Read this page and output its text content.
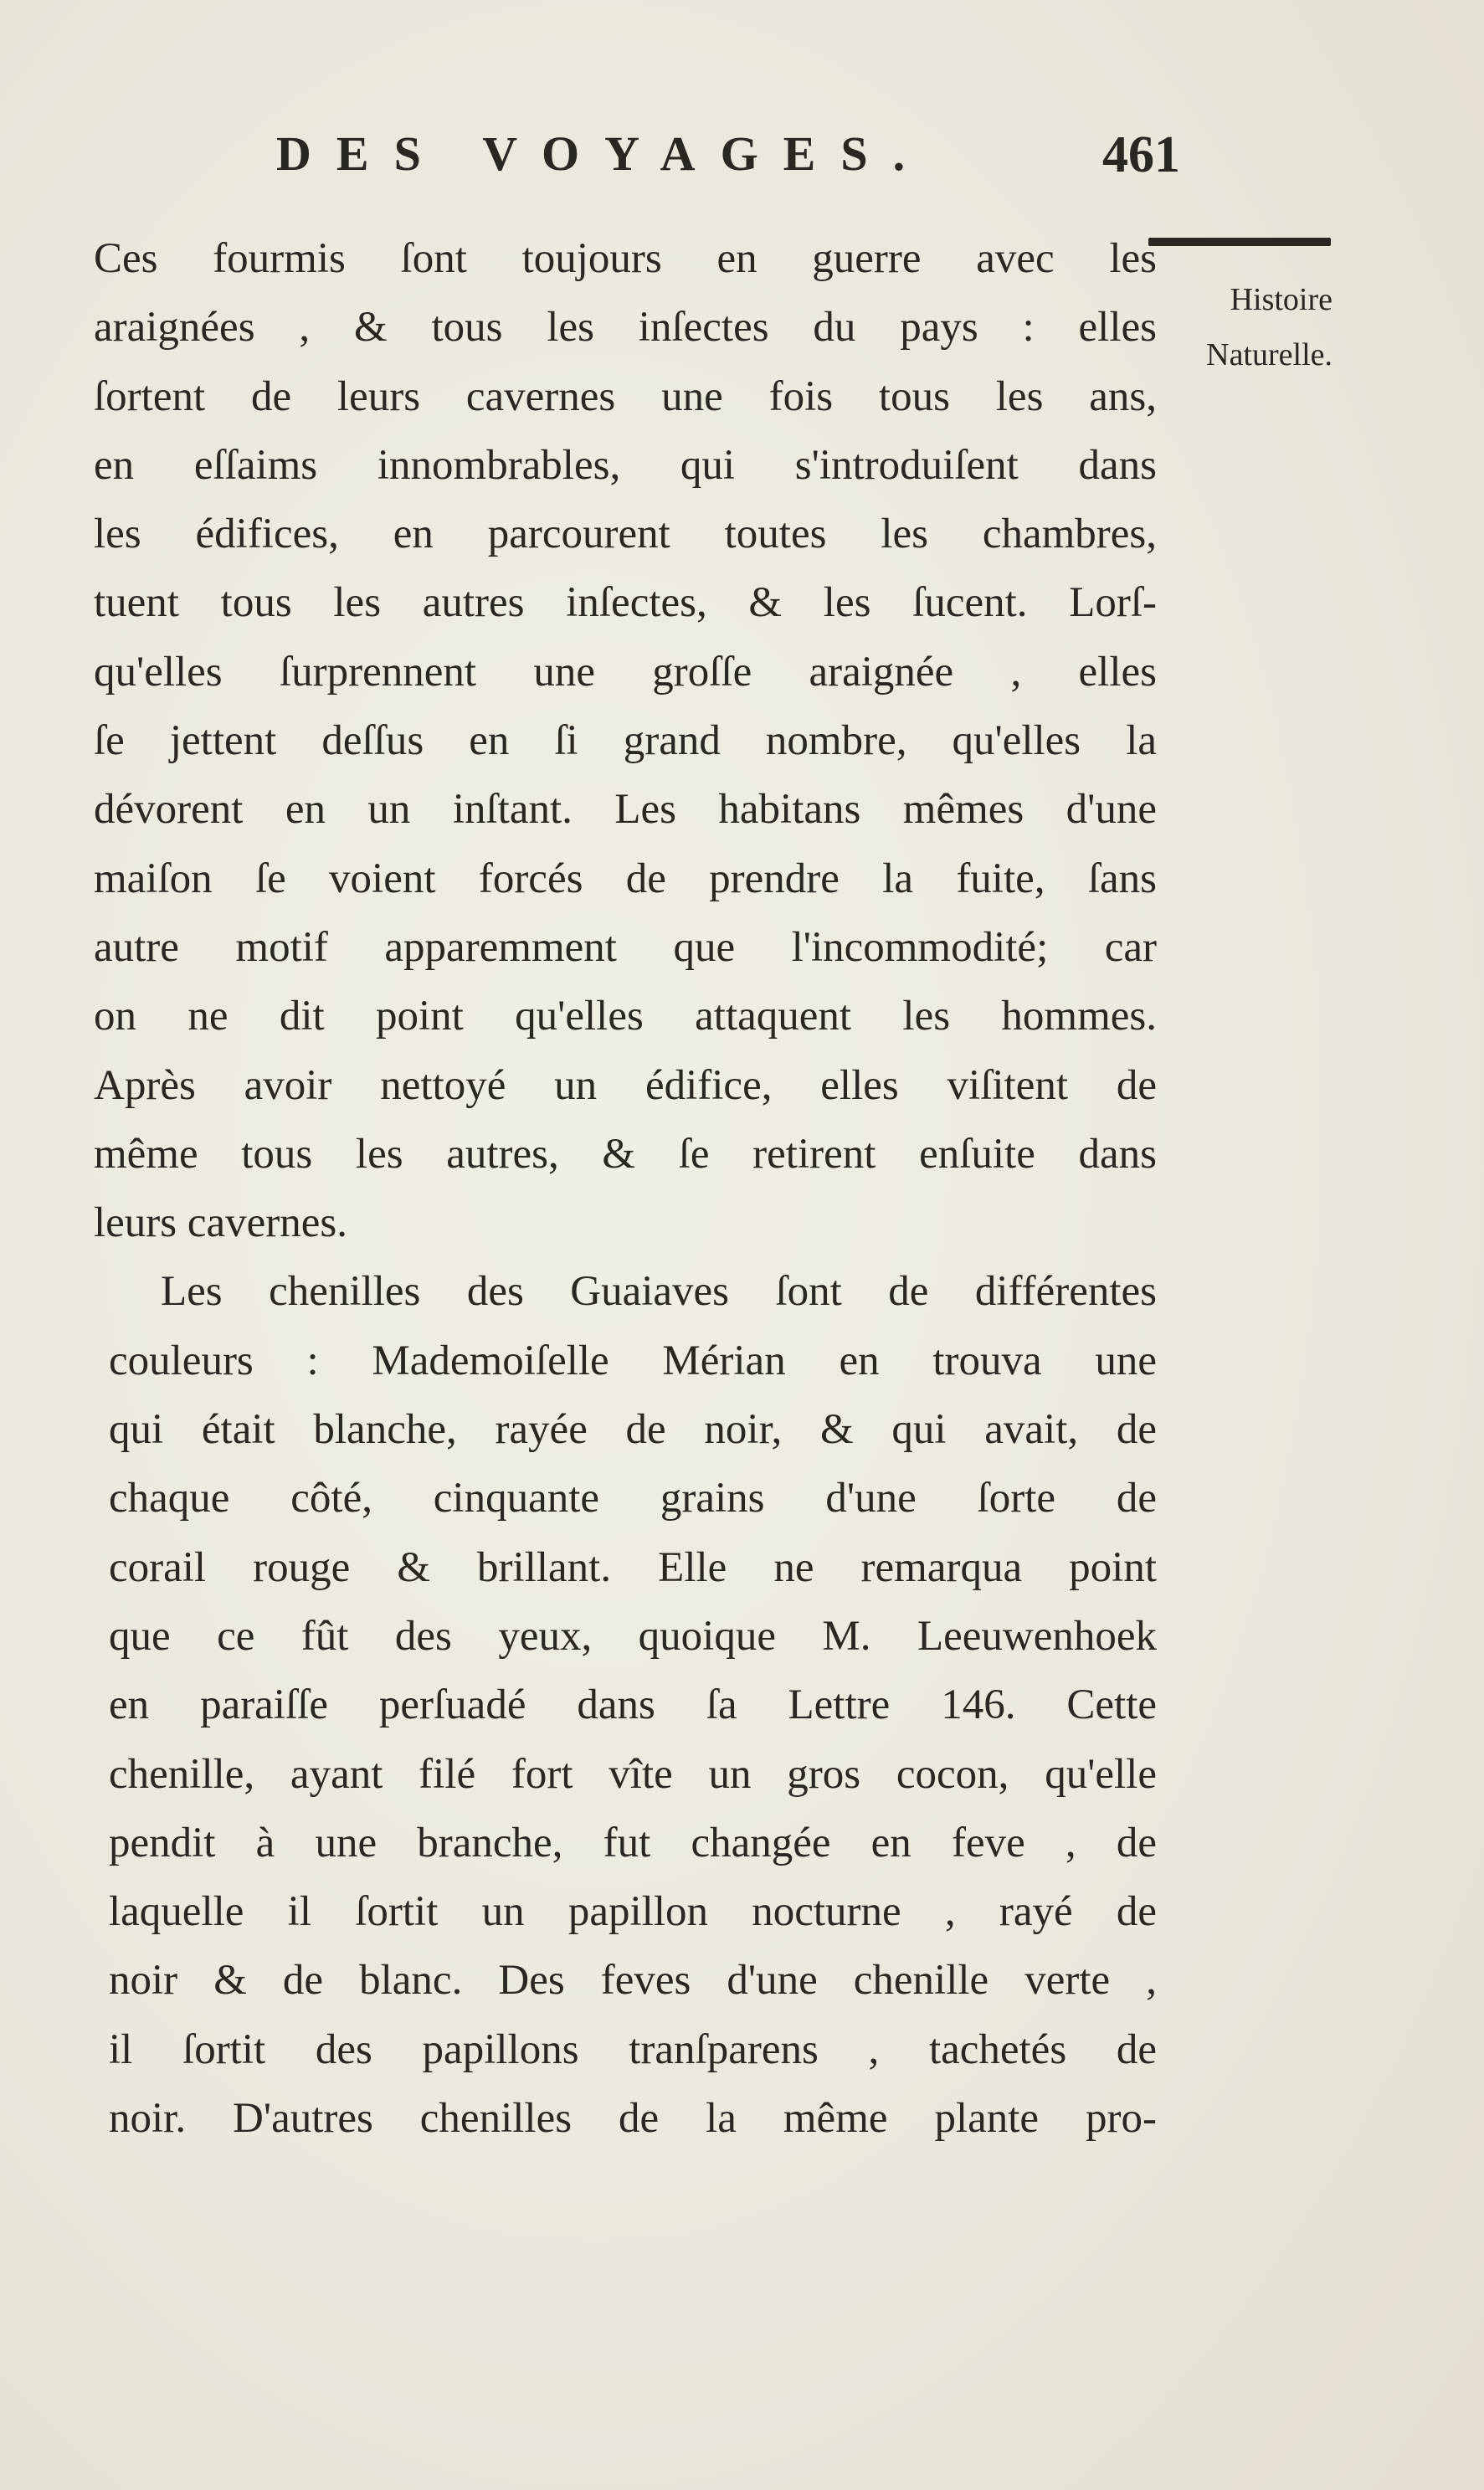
DES VOYAGES.	461
Histoire
Naturelle.
Ces fourmis ſont toujours en guerre avec les
araignées , & tous les inſectes du pays : elles
ſortent de leurs cavernes une fois tous les ans,
en eſſaims innombrables, qui s'introduiſent dans
les édifices, en parcourent toutes les chambres,
tuent tous les autres inſectes, & les ſucent. Lorſ-
qu'elles ſurprennent une groſſe araignée , elles
ſe jettent deſſus en ſi grand nombre, qu'elles la
dévorent en un inſtant. Les habitans mêmes d'une
maiſon ſe voient forcés de prendre la fuite, ſans
autre motif apparemment que l'incommodité; car
on ne dit point qu'elles attaquent les hommes.
Après avoir nettoyé un édifice, elles viſitent de
même tous les autres, & ſe retirent enſuite dans
leurs cavernes.
Les chenilles des Guaiaves ſont de différentes
couleurs : Mademoiſelle Mérian en trouva une
qui était blanche, rayée de noir, & qui avait, de
chaque côté, cinquante grains d'une ſorte de
corail rouge & brillant. Elle ne remarqua point
que ce fût des yeux, quoique M. Leeuwenhoek
en paraiſſe perſuadé dans ſa Lettre 146. Cette
chenille, ayant filé fort vîte un gros cocon, qu'elle
pendit à une branche, fut changée en feve , de
laquelle il ſortit un papillon nocturne , rayé de
noir & de blanc. Des feves d'une chenille verte ,
il ſortit des papillons tranſparens , tachetés de
noir. D'autres chenilles de la même plante pro-
